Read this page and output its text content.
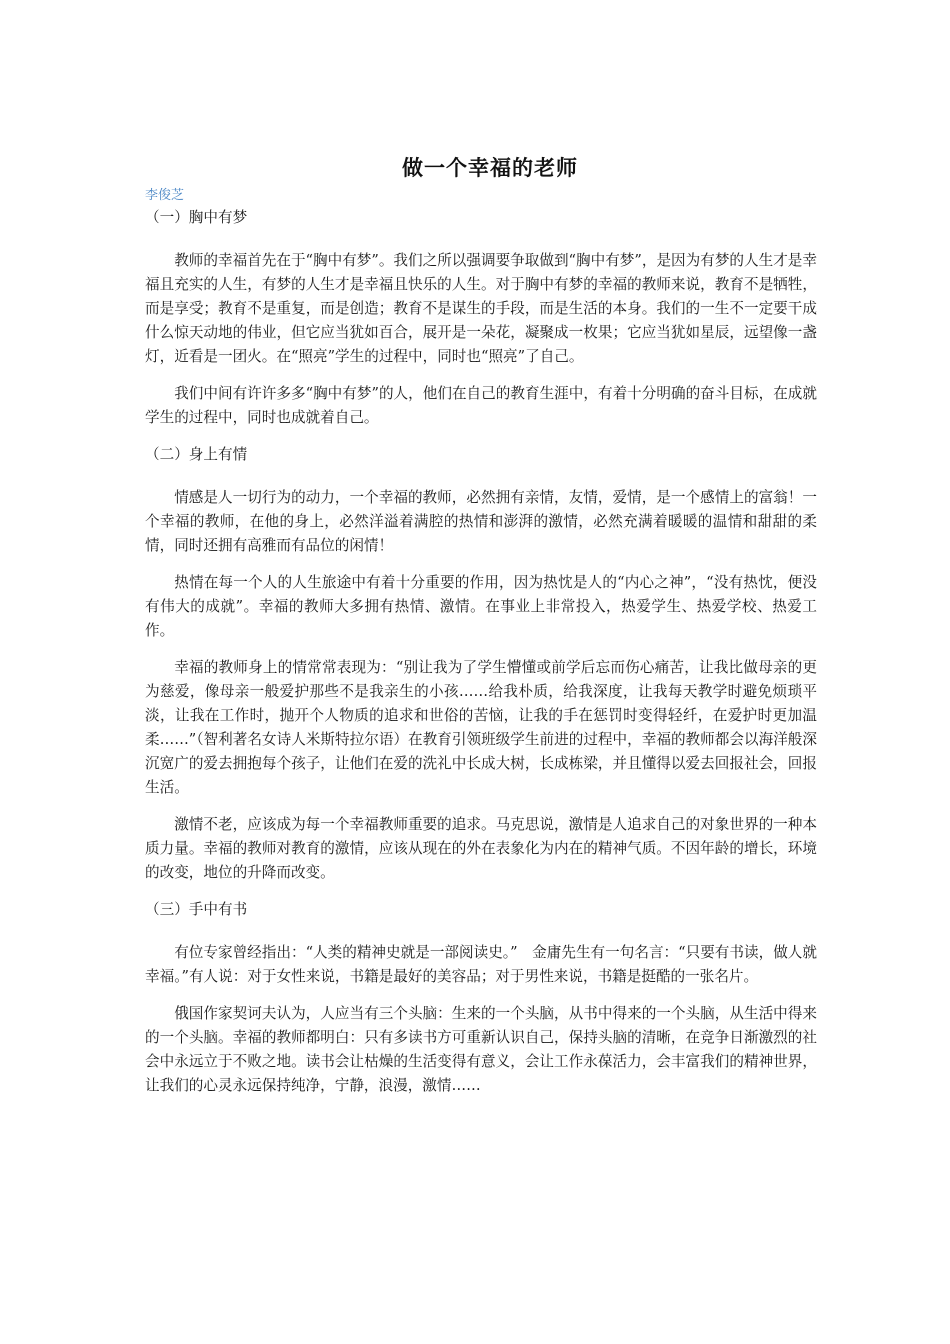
做一个幸福的老师

李俊芝

（一）胸中有梦

教师的幸福首先在于“胸中有梦”。我们之所以强调要争取做到“胸中有梦”，是因为有梦的人生才是幸福且充实的人生，有梦的人生才是幸福且快乐的人生。对于胸中有梦的幸福的教师来说，教育不是牺牲，而是享受；教育不是重复，而是创造；教育不是谋生的手段，而是生活的本身。我们的一生不一定要干成什么惊天动地的伟业，但它应当犹如百合，展开是一朵花，凝聚成一枚果；它应当犹如星辰，远望像一盏灯，近看是一团火。在“照亮”学生的过程中，同时也“照亮”了自己。

我们中间有许许多多“胸中有梦”的人，他们在自己的教育生涯中，有着十分明确的奋斗目标，在成就学生的过程中，同时也成就着自己。

（二）身上有情

情感是人一切行为的动力，一个幸福的教师，必然拥有亲情，友情，爱情，是一个感情上的富翁！一个幸福的教师，在他的身上，必然洋溢着满腔的热情和澎湃的激情，必然充满着暖暖的温情和甜甜的柔情，同时还拥有高雅而有品位的闲情！

热情在每一个人的人生旅途中有着十分重要的作用，因为热忱是人的“内心之神”，“没有热忱，便没有伟大的成就”。幸福的教师大多拥有热情、激情。在事业上非常投入，热爱学生、热爱学校、热爱工作。

幸福的教师身上的情常常表现为：“别让我为了学生懵懂或前学后忘而伤心痛苦，让我比做母亲的更为慈爱，像母亲一般爱护那些不是我亲生的小孩……给我朴质，给我深度，让我每天教学时避免烦琐平淡，让我在工作时，抛开个人物质的追求和世俗的苦恼，让我的手在惩罚时变得轻纤，在爱护时更加温柔……”（智利著名女诗人米斯特拉尔语）在教育引领班级学生前进的过程中，幸福的教师都会以海洋般深沉宽广的爱去拥抱每个孩子，让他们在爱的洗礼中长成大树，长成栋梁，并且懂得以爱去回报社会，回报生活。

激情不老，应该成为每一个幸福教师重要的追求。马克思说，激情是人追求自己的对象世界的一种本质力量。幸福的教师对教育的激情，应该从现在的外在表象化为内在的精神气质。不因年龄的增长，环境的改变，地位的升降而改变。

（三）手中有书

有位专家曾经指出：“人类的精神史就是一部阅读史。”　金庸先生有一句名言：“只要有书读，做人就幸福。”有人说：对于女性来说，书籍是最好的美容品；对于男性来说，书籍是挺酷的一张名片。

俄国作家契诃夫认为，人应当有三个头脑：生来的一个头脑，从书中得来的一个头脑，从生活中得来的一个头脑。幸福的教师都明白：只有多读书方可重新认识自己，保持头脑的清晰，在竞争日渐激烈的社会中永远立于不败之地。读书会让枯燥的生活变得有意义，会让工作永葆活力，会丰富我们的精神世界，让我们的心灵永远保持纯净，宁静，浪漫，激情……
